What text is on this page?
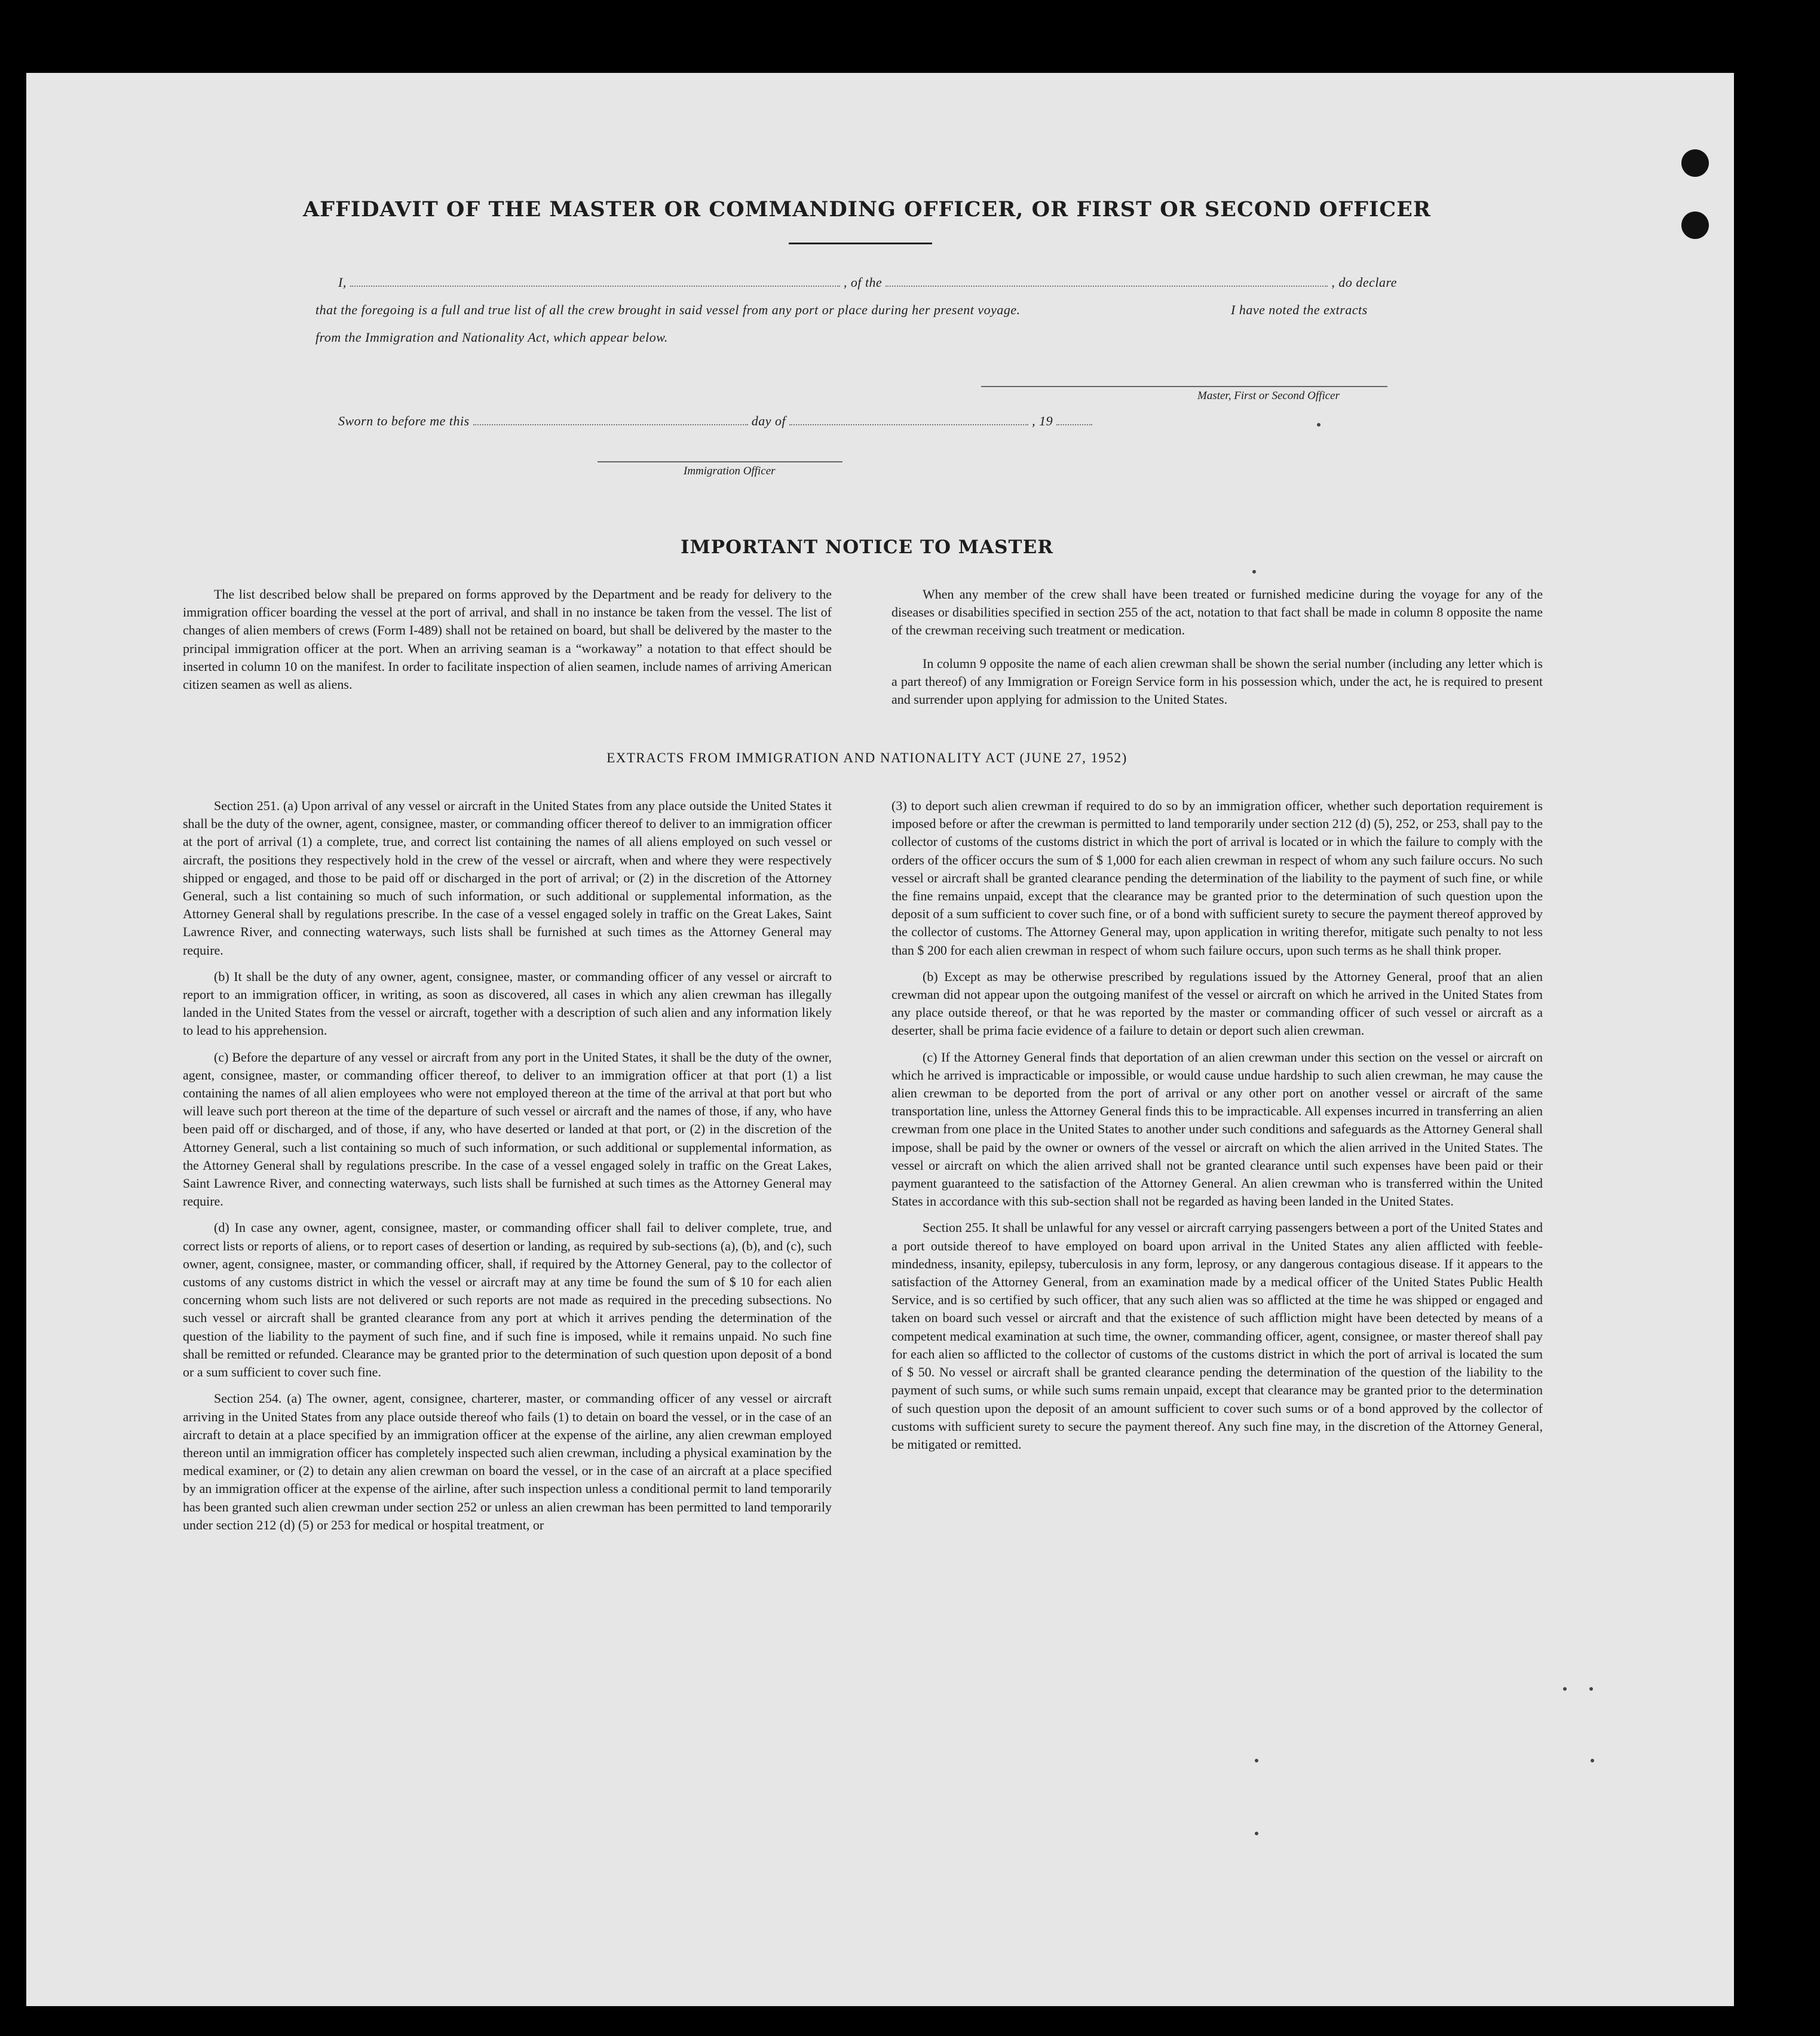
AFFIDAVIT OF THE MASTER OR COMMANDING OFFICER, OR FIRST OR SECOND OFFICER
I,	, of the	, do declare
that the foregoing is a full and true list of all the crew brought in said vessel from any port or place during her present voyage.	I have noted the extracts
from the Immigration and Nationality Act, which appear below.
Master, First or Second Officer
Sworn to before me this	day of	, 19
Immigration Officer
IMPORTANT NOTICE TO MASTER

The list described below shall be prepared on forms approved by the Department and be ready for delivery to the immigration officer boarding the vessel at the port of arrival, and shall in no instance be taken from the vessel. The list of changes of alien members of crews (Form I-489) shall not be retained on board, but shall be delivered by the master to the principal immigration officer at the port. When an arriving seaman is a “workaway” a notation to that effect should be inserted in column 10 on the manifest. In order to facilitate inspection of alien seamen, include names of arriving American citizen seamen as well as aliens.

When any member of the crew shall have been treated or furnished medicine during the voyage for any of the diseases or disabilities specified in section 255 of the act, notation to that fact shall be made in column 8 opposite the name of the crewman receiving such treatment or medication.

In column 9 opposite the name of each alien crewman shall be shown the serial number (including any letter which is a part thereof) of any Immigration or Foreign Service form in his possession which, under the act, he is required to present and surrender upon applying for admission to the United States.

EXTRACTS FROM IMMIGRATION AND NATIONALITY ACT (JUNE 27, 1952)

Section 251. (a) Upon arrival of any vessel or aircraft in the United States from any place outside the United States it shall be the duty of the owner, agent, consignee, master, or commanding officer thereof to deliver to an immigration officer at the port of arrival (1) a complete, true, and correct list containing the names of all aliens employed on such vessel or aircraft, the positions they respectively hold in the crew of the vessel or aircraft, when and where they were respectively shipped or engaged, and those to be paid off or discharged in the port of arrival; or (2) in the discretion of the Attorney General, such a list containing so much of such information, or such additional or supplemental information, as the Attorney General shall by regulations prescribe. In the case of a vessel engaged solely in traffic on the Great Lakes, Saint Lawrence River, and connecting waterways, such lists shall be furnished at such times as the Attorney General may require.

(b) It shall be the duty of any owner, agent, consignee, master, or commanding officer of any vessel or aircraft to report to an immigration officer, in writing, as soon as discovered, all cases in which any alien crewman has illegally landed in the United States from the vessel or aircraft, together with a description of such alien and any information likely to lead to his apprehension.

(c) Before the departure of any vessel or aircraft from any port in the United States, it shall be the duty of the owner, agent, consignee, master, or commanding officer thereof, to deliver to an immigration officer at that port (1) a list containing the names of all alien employees who were not employed thereon at the time of the arrival at that port but who will leave such port thereon at the time of the departure of such vessel or aircraft and the names of those, if any, who have been paid off or discharged, and of those, if any, who have deserted or landed at that port, or (2) in the discretion of the Attorney General, such a list containing so much of such information, or such additional or supplemental information, as the Attorney General shall by regulations prescribe. In the case of a vessel engaged solely in traffic on the Great Lakes, Saint Lawrence River, and connecting waterways, such lists shall be furnished at such times as the Attorney General may require.

(d) In case any owner, agent, consignee, master, or commanding officer shall fail to deliver complete, true, and correct lists or reports of aliens, or to report cases of desertion or landing, as required by sub-sections (a), (b), and (c), such owner, agent, consignee, master, or commanding officer, shall, if required by the Attorney General, pay to the collector of customs of any customs district in which the vessel or aircraft may at any time be found the sum of $ 10 for each alien concerning whom such lists are not delivered or such reports are not made as required in the preceding subsections. No such vessel or aircraft shall be granted clearance from any port at which it arrives pending the determination of the question of the liability to the payment of such fine, and if such fine is imposed, while it remains unpaid. No such fine shall be remitted or refunded. Clearance may be granted prior to the determination of such question upon deposit of a bond or a sum sufficient to cover such fine.

Section 254. (a) The owner, agent, consignee, charterer, master, or commanding officer of any vessel or aircraft arriving in the United States from any place outside thereof who fails (1) to detain on board the vessel, or in the case of an aircraft to detain at a place specified by an immigration officer at the expense of the airline, any alien crewman employed thereon until an immigration officer has completely inspected such alien crewman, including a physical examination by the medical examiner, or (2) to detain any alien crewman on board the vessel, or in the case of an aircraft at a place specified by an immigration officer at the expense of the airline, after such inspection unless a conditional permit to land temporarily has been granted such alien crewman under section 252 or unless an alien crewman has been permitted to land temporarily under section 212 (d) (5) or 253 for medical or hospital treatment, or

(3) to deport such alien crewman if required to do so by an immigration officer, whether such deportation requirement is imposed before or after the crewman is permitted to land temporarily under section 212 (d) (5), 252, or 253, shall pay to the collector of customs of the customs district in which the port of arrival is located or in which the failure to comply with the orders of the officer occurs the sum of $ 1,000 for each alien crewman in respect of whom any such failure occurs. No such vessel or aircraft shall be granted clearance pending the determination of the liability to the payment of such fine, or while the fine remains unpaid, except that the clearance may be granted prior to the determination of such question upon the deposit of a sum sufficient to cover such fine, or of a bond with sufficient surety to secure the payment thereof approved by the collector of customs. The Attorney General may, upon application in writing therefor, mitigate such penalty to not less than $ 200 for each alien crewman in respect of whom such failure occurs, upon such terms as he shall think proper.

(b) Except as may be otherwise prescribed by regulations issued by the Attorney General, proof that an alien crewman did not appear upon the outgoing manifest of the vessel or aircraft on which he arrived in the United States from any place outside thereof, or that he was reported by the master or commanding officer of such vessel or aircraft as a deserter, shall be prima facie evidence of a failure to detain or deport such alien crewman.

(c) If the Attorney General finds that deportation of an alien crewman under this section on the vessel or aircraft on which he arrived is impracticable or impossible, or would cause undue hardship to such alien crewman, he may cause the alien crewman to be deported from the port of arrival or any other port on another vessel or aircraft of the same transportation line, unless the Attorney General finds this to be impracticable. All expenses incurred in transferring an alien crewman from one place in the United States to another under such conditions and safeguards as the Attorney General shall impose, shall be paid by the owner or owners of the vessel or aircraft on which the alien arrived in the United States. The vessel or aircraft on which the alien arrived shall not be granted clearance until such expenses have been paid or their payment guaranteed to the satisfaction of the Attorney General. An alien crewman who is transferred within the United States in accordance with this sub-section shall not be regarded as having been landed in the United States.

Section 255. It shall be unlawful for any vessel or aircraft carrying passengers between a port of the United States and a port outside thereof to have employed on board upon arrival in the United States any alien afflicted with feeble-mindedness, insanity, epilepsy, tuberculosis in any form, leprosy, or any dangerous contagious disease. If it appears to the satisfaction of the Attorney General, from an examination made by a medical officer of the United States Public Health Service, and is so certified by such officer, that any such alien was so afflicted at the time he was shipped or engaged and taken on board such vessel or aircraft and that the existence of such affliction might have been detected by means of a competent medical examination at such time, the owner, commanding officer, agent, consignee, or master thereof shall pay for each alien so afflicted to the collector of customs of the customs district in which the port of arrival is located the sum of $ 50. No vessel or aircraft shall be granted clearance pending the determination of the question of the liability to the payment of such sums, or while such sums remain unpaid, except that clearance may be granted prior to the determination of such question upon the deposit of an amount sufficient to cover such sums or of a bond approved by the collector of customs with sufficient surety to secure the payment thereof. Any such fine may, in the discretion of the Attorney General, be mitigated or remitted.
